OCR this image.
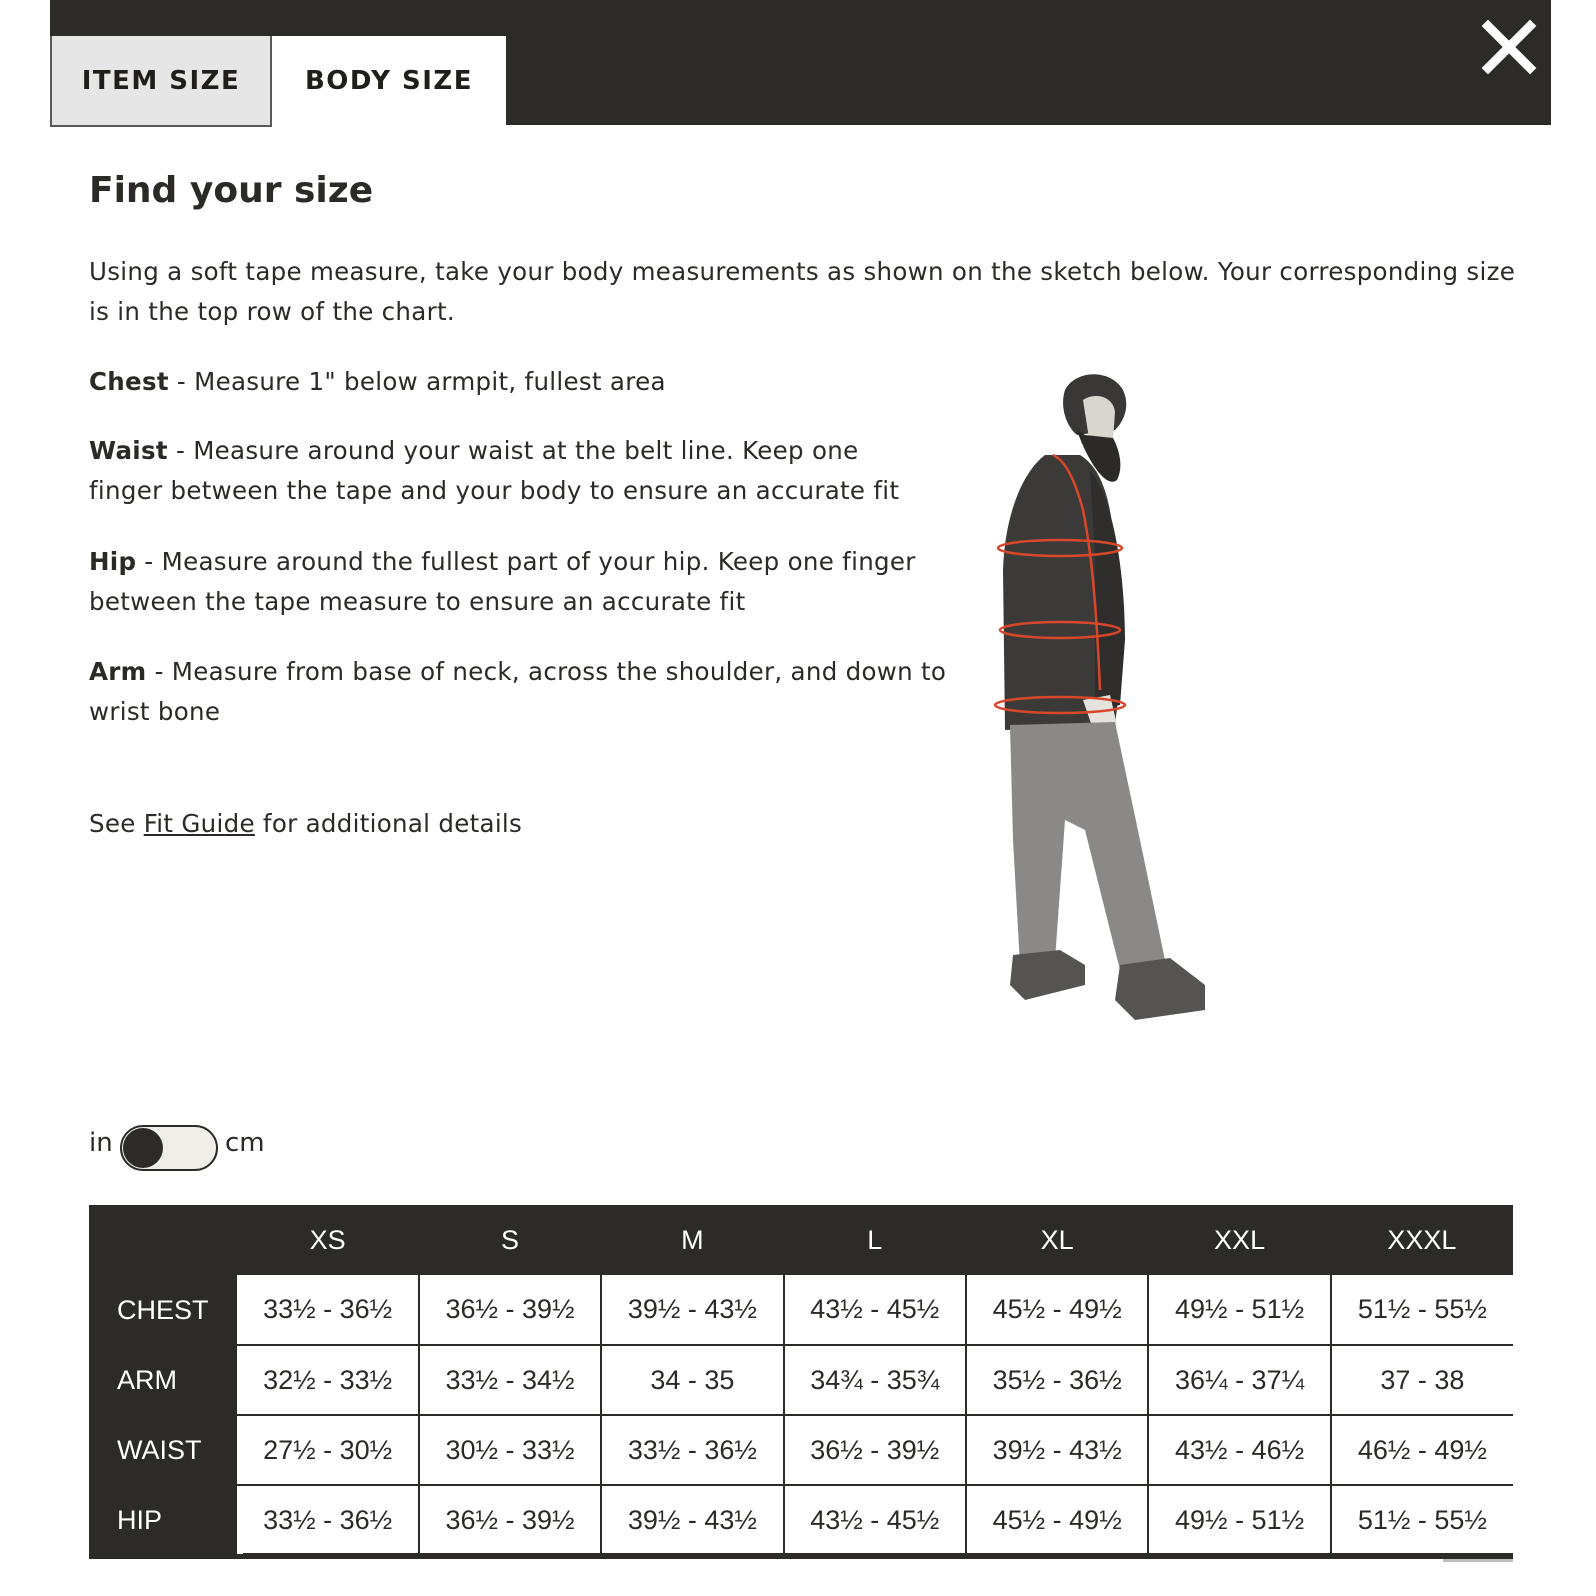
ITEM SIZE	BODY SIZE
Find your size

Using a soft tape measure, take your body measurements as shown on the sketch below. Your corresponding size is in the top row of the chart.

Chest - Measure 1" below armpit, fullest area

Waist - Measure around your waist at the belt line. Keep one finger between the tape and your body to ensure an accurate fit

Hip - Measure around the fullest part of your hip. Keep one finger between the tape measure to ensure an accurate fit

Arm - Measure from base of neck, across the shoulder, and down to wrist bone

See Fit Guide for additional details

in	cm
	XS	S	M	L	XL	XXL	XXXL
CHEST	33½ - 36½	36½ - 39½	39½ - 43½	43½ - 45½	45½ - 49½	49½ - 51½	51½ - 55½
ARM	32½ - 33½	33½ - 34½	34 - 35	34¾ - 35¾	35½ - 36½	36¼ - 37¼	37 - 38
WAIST	27½ - 30½	30½ - 33½	33½ - 36½	36½ - 39½	39½ - 43½	43½ - 46½	46½ - 49½
HIP	33½ - 36½	36½ - 39½	39½ - 43½	43½ - 45½	45½ - 49½	49½ - 51½	51½ - 55½
